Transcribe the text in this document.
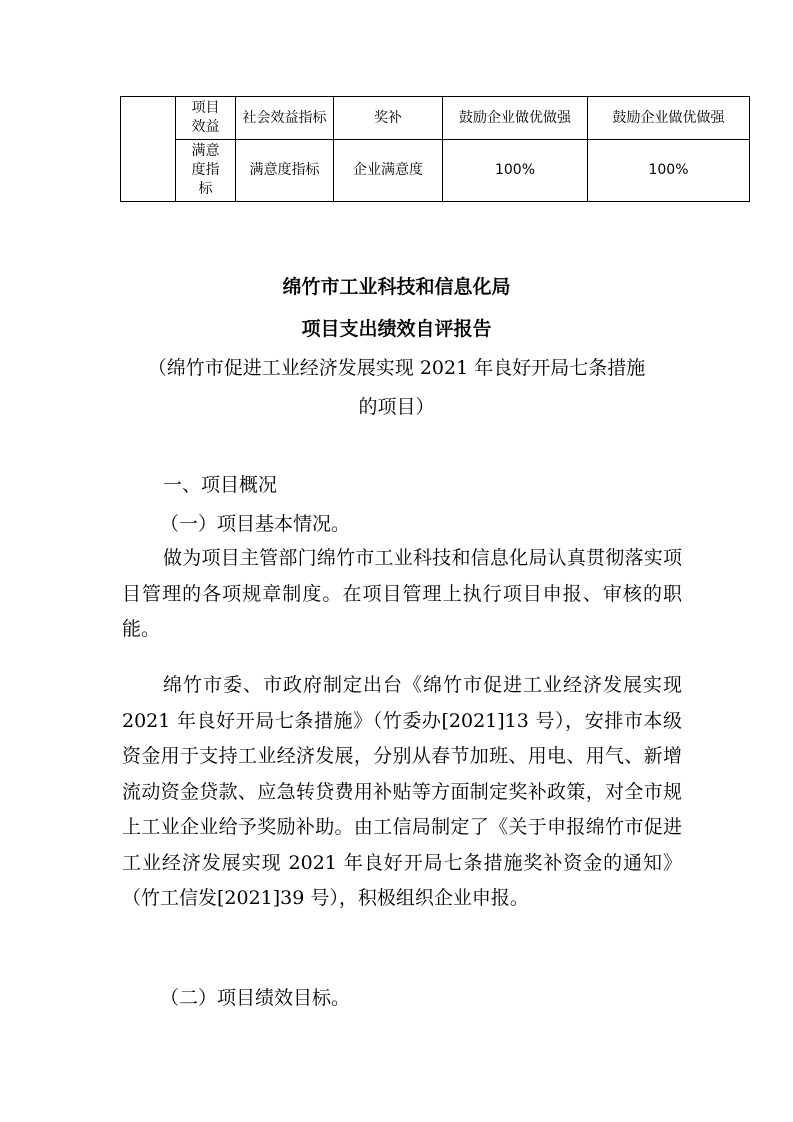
	项目效益	社会效益指标	奖补	鼓励企业做优做强	鼓励企业做优做强
	满意度指标	满意度指标	企业满意度	100%	100%
绵竹市工业科技和信息化局
项目支出绩效自评报告
（绵竹市促进工业经济发展实现 2021 年良好开局七条措施
的项目）
一、项目概况
（一）项目基本情况。
做为项目主管部门绵竹市工业科技和信息化局认真贯彻落实项目管理的各项规章制度。在项目管理上执行项目申报、审核的职能。
绵竹市委、市政府制定出台《绵竹市促进工业经济发展实现 2021 年良好开局七条措施》（竹委办[2021]13 号），安排市本级资金用于支持工业经济发展，分别从春节加班、用电、用气、新增流动资金贷款、应急转贷费用补贴等方面制定奖补政策，对全市规上工业企业给予奖励补助。由工信局制定了《关于申报绵竹市促进工业经济发展实现 2021 年良好开局七条措施奖补资金的通知》（竹工信发[2021]39 号），积极组织企业申报。
（二）项目绩效目标。
